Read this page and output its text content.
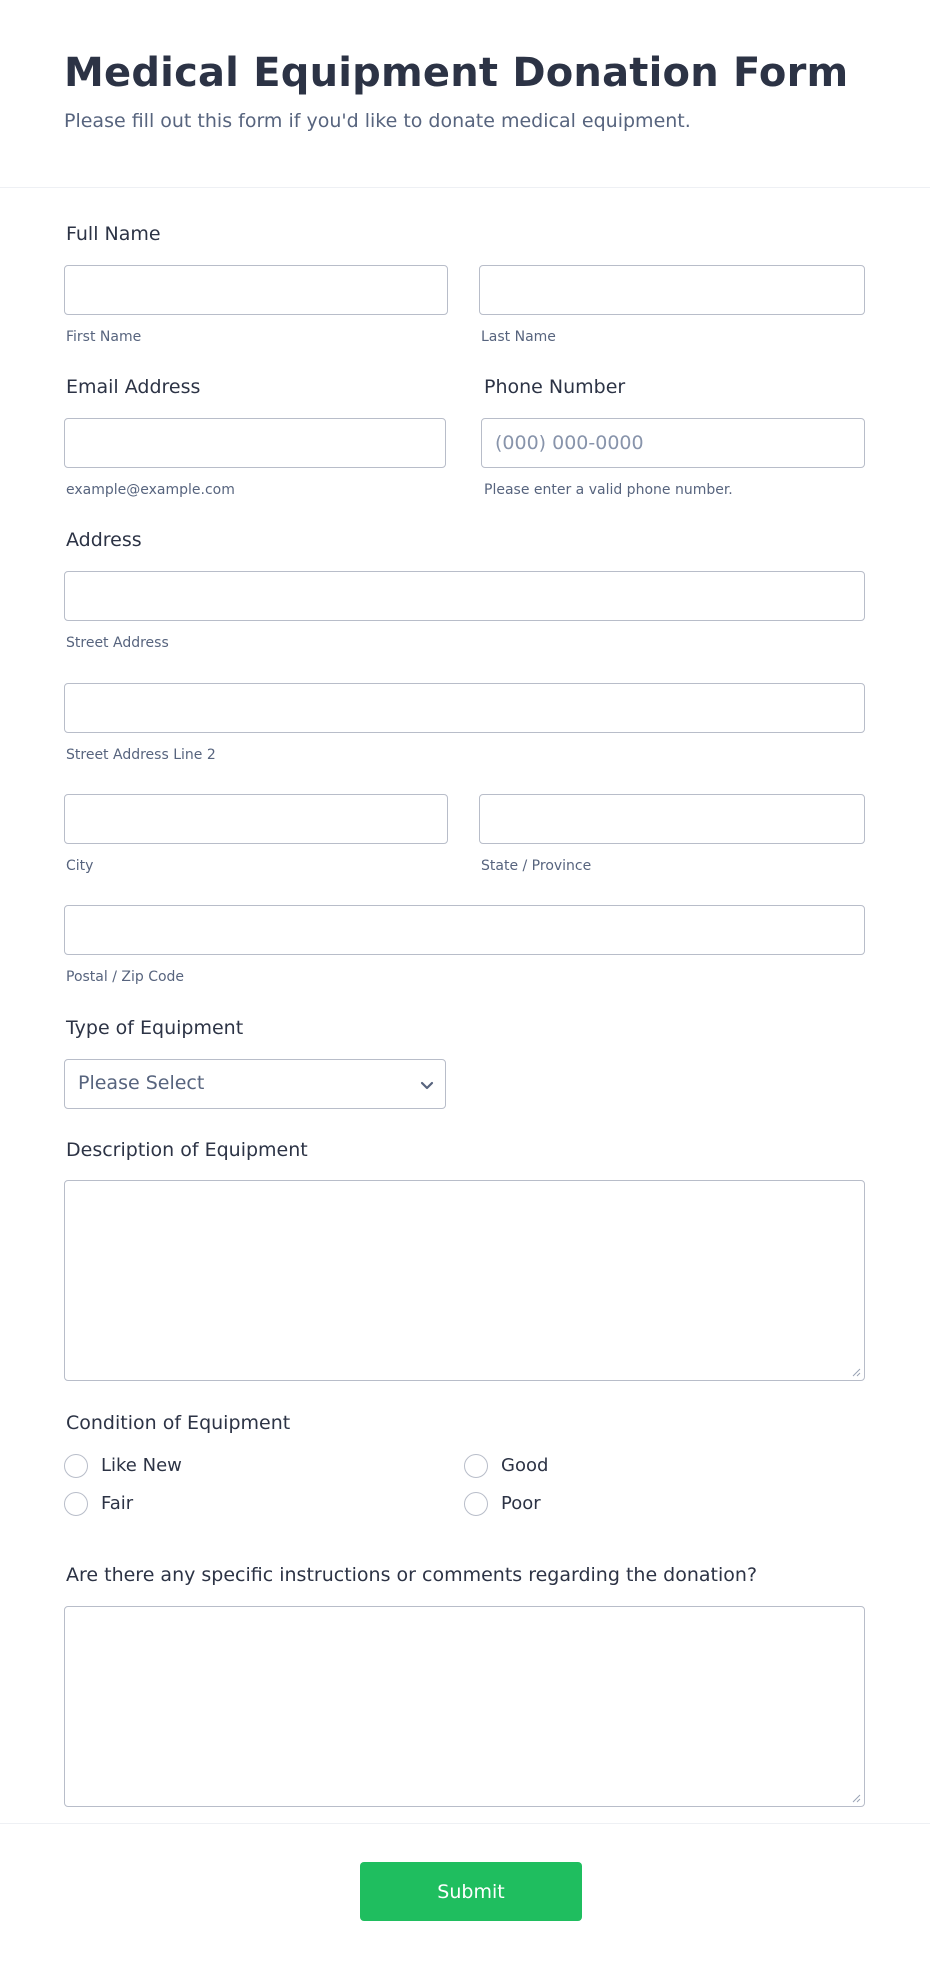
Medical Equipment Donation Form
Please fill out this form if you'd like to donate medical equipment.
Full Name
First Name	Last Name
Email Address	Phone Number
(000) 000-0000
example@example.com	Please enter a valid phone number.
Address
Street Address
Street Address Line 2
City	State / Province
Postal / Zip Code
Type of Equipment
Please Select
Description of Equipment
Condition of Equipment
Like New	Good
Fair	Poor
Are there any specific instructions or comments regarding the donation?
Submit
